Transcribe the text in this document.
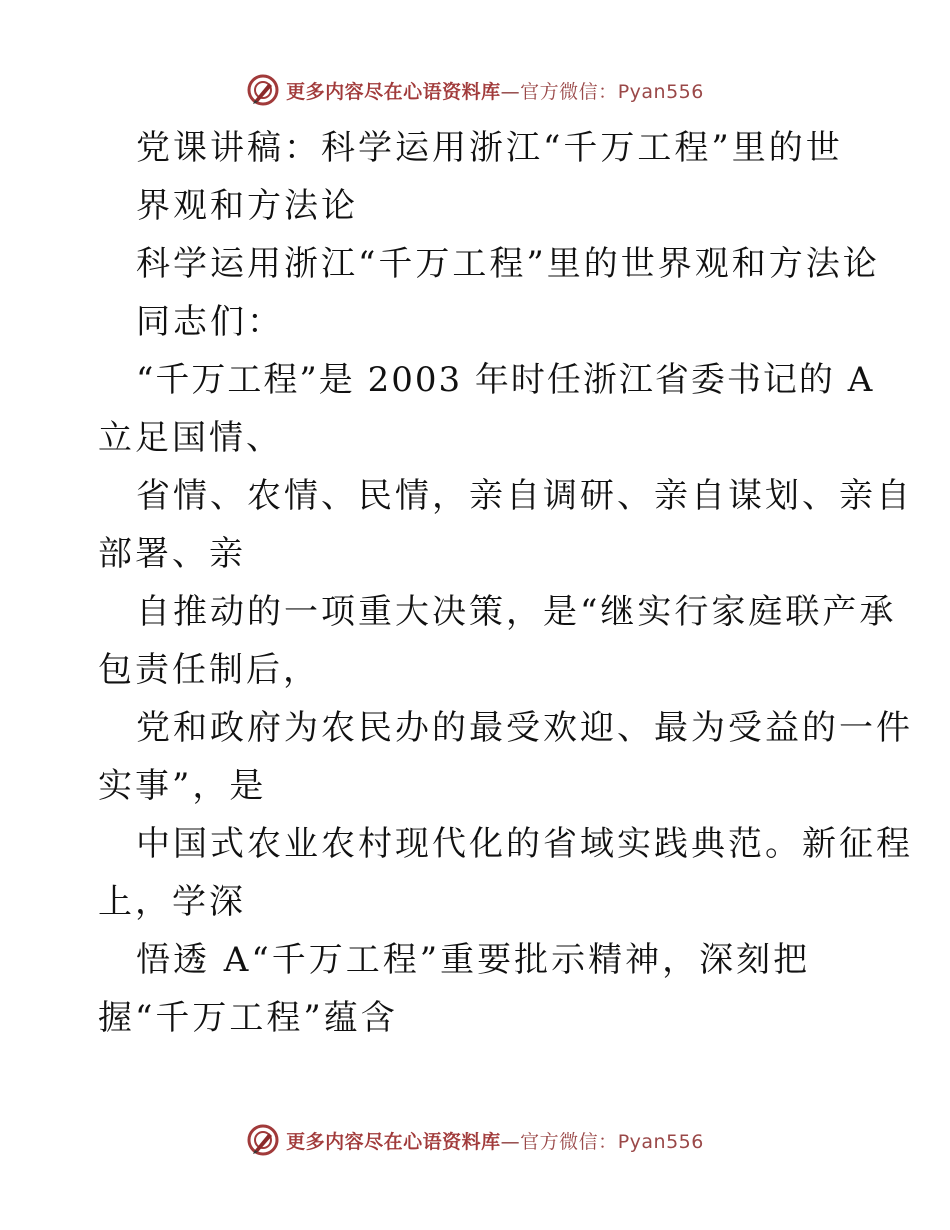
更多内容尽在心语资料库—官方微信：Pyan556
党课讲稿：科学运用浙江“千万工程”里的世
界观和方法论
科学运用浙江“千万工程”里的世界观和方法论
同志们：
“千万工程”是 2003 年时任浙江省委书记的 A
立足国情、
省情、农情、民情，亲自调研、亲自谋划、亲自
部署、亲
自推动的一项重大决策，是“继实行家庭联产承
包责任制后，
党和政府为农民办的最受欢迎、最为受益的一件
实事”，是
中国式农业农村现代化的省域实践典范。新征程
上，学深
悟透 A“千万工程”重要批示精神，深刻把
握“千万工程”蕴含
更多内容尽在心语资料库—官方微信：Pyan556
